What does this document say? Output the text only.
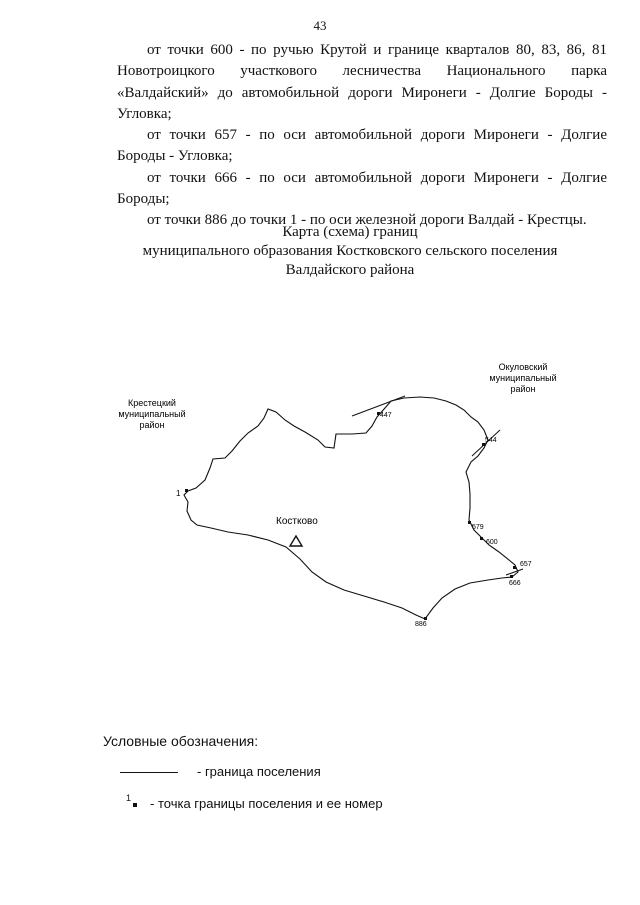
43

от точки 600 - по ручью Крутой и границе кварталов 80, 83, 86, 81 Новотроицкого участкового лесничества Национального парка «Валдайский» до автомобильной дороги Миронеги - Долгие Бороды - Угловка;

от точки 657 - по оси автомобильной дороги Миронеги - Долгие Бороды - Угловка;

от точки 666 - по оси автомобильной дороги Миронеги - Долгие Бороды;

от точки 886 до точки 1 - по оси железной дороги Валдай - Крестцы.

Карта (схема) границ
муниципального образования Костковского сельского поселения
Валдайского района
1
447
544
579
600
657
666
886
Костково
Окуловский
муниципальный
район
Крестецкий
муниципальный
район
Условные обозначения:
- граница поселения
1 - точка границы поселения и ее номер
